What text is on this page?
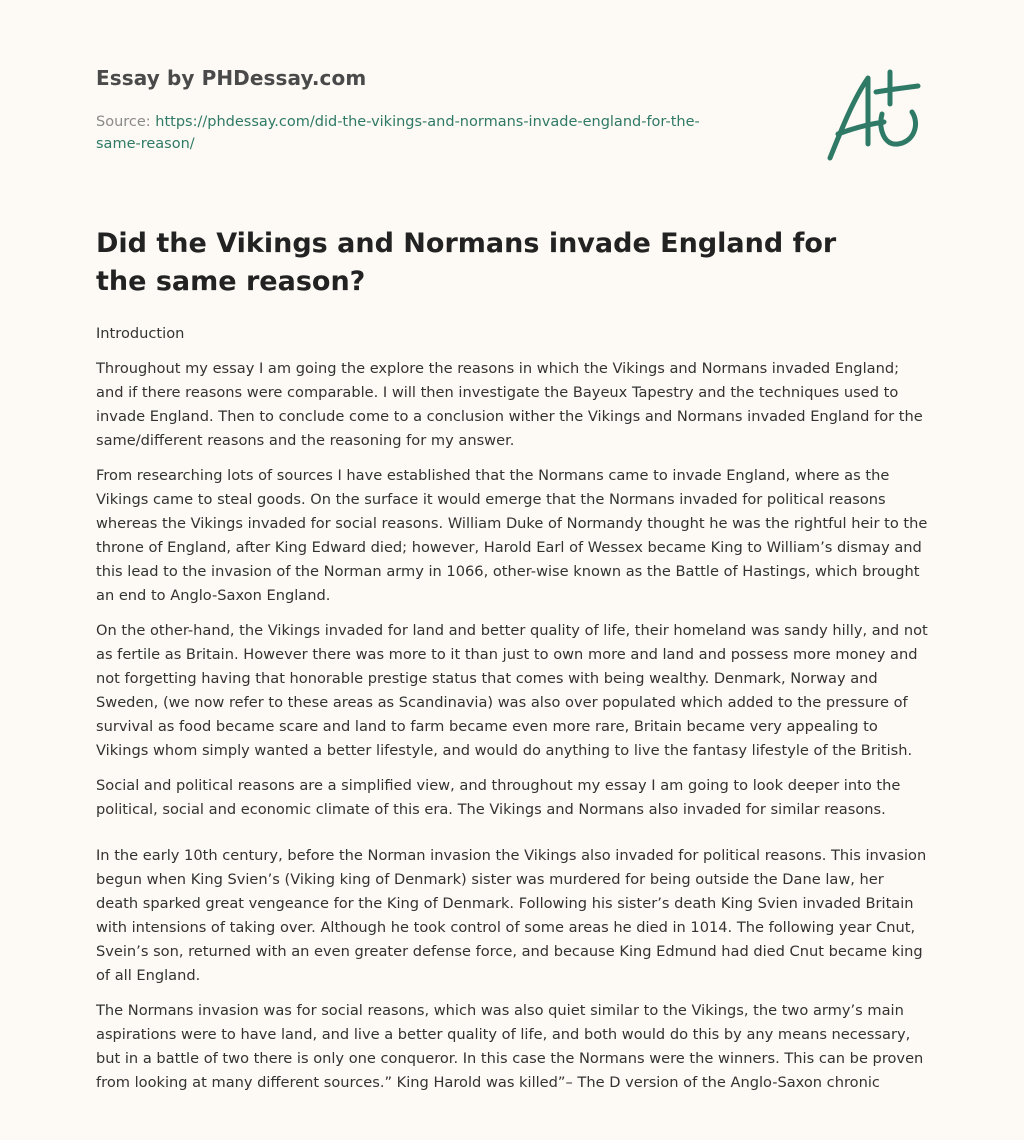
Essay by PHDessay.com
Source: https://phdessay.com/did-the-vikings-and-normans-invade-england-for-the-same-reason/
Did the Vikings and Normans invade England for the same reason?

Introduction

Throughout my essay I am going the explore the reasons in which the Vikings and Normans invaded England; and if there reasons were comparable. I will then investigate the Bayeux Tapestry and the techniques used to invade England. Then to conclude come to a conclusion wither the Vikings and Normans invaded England for the same/different reasons and the reasoning for my answer.

From researching lots of sources I have established that the Normans came to invade England, where as the Vikings came to steal goods. On the surface it would emerge that the Normans invaded for political reasons whereas the Vikings invaded for social reasons. William Duke of Normandy thought he was the rightful heir to the throne of England, after King Edward died; however, Harold Earl of Wessex became King to William’s dismay and this lead to the invasion of the Norman army in 1066, other-wise known as the Battle of Hastings, which brought an end to Anglo-Saxon England.

On the other-hand, the Vikings invaded for land and better quality of life, their homeland was sandy hilly, and not as fertile as Britain. However there was more to it than just to own more and land and possess more money and not forgetting having that honorable prestige status that comes with being wealthy. Denmark, Norway and Sweden, (we now refer to these areas as Scandinavia) was also over populated which added to the pressure of survival as food became scare and land to farm became even more rare, Britain became very appealing to Vikings whom simply wanted a better lifestyle, and would do anything to live the fantasy lifestyle of the British.

Social and political reasons are a simplified view, and throughout my essay I am going to look deeper into the political, social and economic climate of this era. The Vikings and Normans also invaded for similar reasons.

In the early 10th century, before the Norman invasion the Vikings also invaded for political reasons. This invasion begun when King Svien’s (Viking king of Denmark) sister was murdered for being outside the Dane law, her death sparked great vengeance for the King of Denmark. Following his sister’s death King Svien invaded Britain with intensions of taking over. Although he took control of some areas he died in 1014. The following year Cnut, Svein’s son, returned with an even greater defense force, and because King Edmund had died Cnut became king of all England.

The Normans invasion was for social reasons, which was also quiet similar to the Vikings, the two army’s main aspirations were to have land, and live a better quality of life, and both would do this by any means necessary, but in a battle of two there is only one conqueror. In this case the Normans were the winners. This can be proven from looking at many different sources.” King Harold was killed”– The D version of the Anglo-Saxon chronic
